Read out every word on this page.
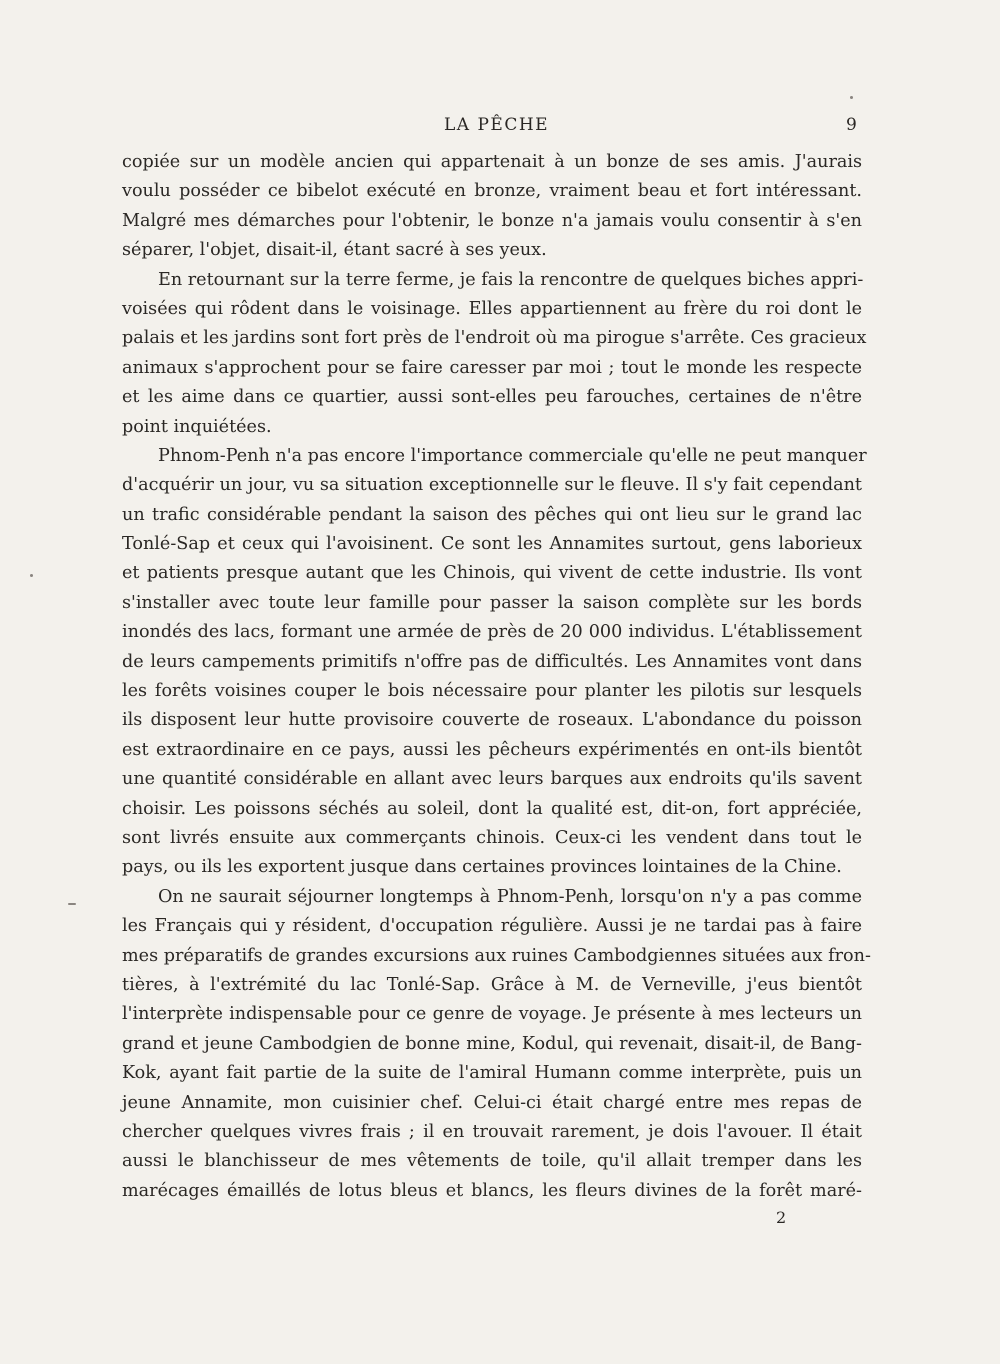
LA PÊCHE	9
copiée sur un modèle ancien qui appartenait à un bonze de ses amis. J'aurais
voulu posséder ce bibelot exécuté en bronze, vraiment beau et fort intéressant.
Malgré mes démarches pour l'obtenir, le bonze n'a jamais voulu consentir à s'en
séparer, l'objet, disait-il, étant sacré à ses yeux.
En retournant sur la terre ferme, je fais la rencontre de quelques biches appri-
voisées qui rôdent dans le voisinage. Elles appartiennent au frère du roi dont le
palais et les jardins sont fort près de l'endroit où ma pirogue s'arrête. Ces gracieux
animaux s'approchent pour se faire caresser par moi ; tout le monde les respecte
et les aime dans ce quartier, aussi sont-elles peu farouches, certaines de n'être
point inquiétées.
Phnom-Penh n'a pas encore l'importance commerciale qu'elle ne peut manquer
d'acquérir un jour, vu sa situation exceptionnelle sur le fleuve. Il s'y fait cependant
un trafic considérable pendant la saison des pêches qui ont lieu sur le grand lac
Tonlé-Sap et ceux qui l'avoisinent. Ce sont les Annamites surtout, gens laborieux
et patients presque autant que les Chinois, qui vivent de cette industrie. Ils vont
s'installer avec toute leur famille pour passer la saison complète sur les bords
inondés des lacs, formant une armée de près de 20 000 individus. L'établissement
de leurs campements primitifs n'offre pas de difficultés. Les Annamites vont dans
les forêts voisines couper le bois nécessaire pour planter les pilotis sur lesquels
ils disposent leur hutte provisoire couverte de roseaux. L'abondance du poisson
est extraordinaire en ce pays, aussi les pêcheurs expérimentés en ont-ils bientôt
une quantité considérable en allant avec leurs barques aux endroits qu'ils savent
choisir. Les poissons séchés au soleil, dont la qualité est, dit-on, fort appréciée,
sont livrés ensuite aux commerçants chinois. Ceux-ci les vendent dans tout le
pays, ou ils les exportent jusque dans certaines provinces lointaines de la Chine.
On ne saurait séjourner longtemps à Phnom-Penh, lorsqu'on n'y a pas comme
les Français qui y résident, d'occupation régulière. Aussi je ne tardai pas à faire
mes préparatifs de grandes excursions aux ruines Cambodgiennes situées aux fron-
tières, à l'extrémité du lac Tonlé-Sap. Grâce à M. de Verneville, j'eus bientôt
l'interprète indispensable pour ce genre de voyage. Je présente à mes lecteurs un
grand et jeune Cambodgien de bonne mine, Kodul, qui revenait, disait-il, de Bang-
Kok, ayant fait partie de la suite de l'amiral Humann comme interprète, puis un
jeune Annamite, mon cuisinier chef. Celui-ci était chargé entre mes repas de
chercher quelques vivres frais ; il en trouvait rarement, je dois l'avouer. Il était
aussi le blanchisseur de mes vêtements de toile, qu'il allait tremper dans les
marécages émaillés de lotus bleus et blancs, les fleurs divines de la forêt maré-
2
